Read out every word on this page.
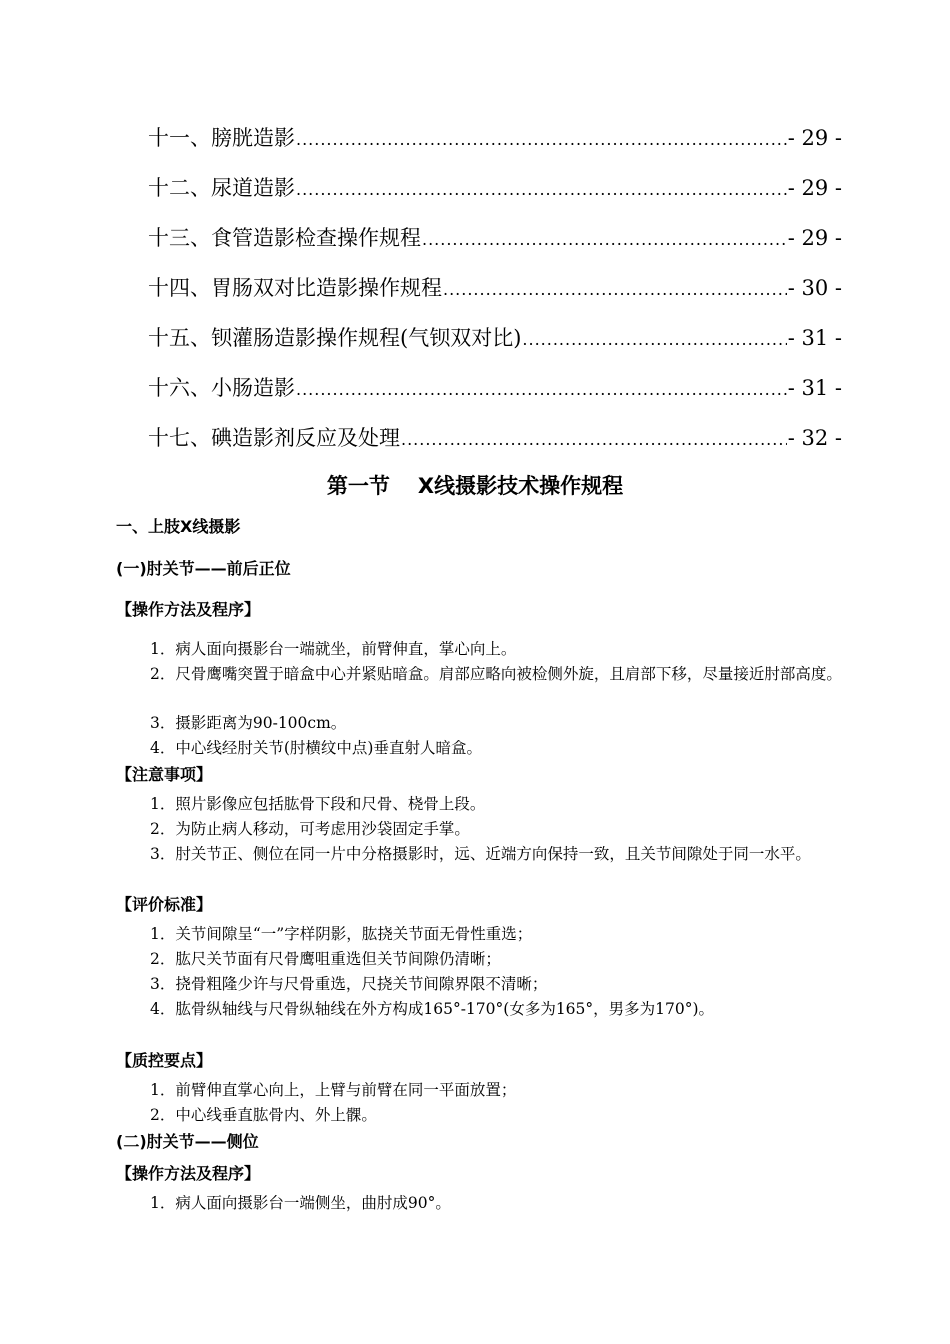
十一、膀胱造影 .....	- 29 -
十二、尿道造影 .....	- 29 -
十三、食管造影检查操作规程 .....	- 29 -
十四、胃肠双对比造影操作规程 .....	- 30 -
十五、钡灌肠造影操作规程(气钡双对比) .....	- 31 -
十六、小肠造影 .....	- 31 -
十七、碘造影剂反应及处理 .....	- 32 -
第一节 X线摄影技术操作规程
一、上肢X线摄影
(一)肘关节——前后正位
【操作方法及程序】
1．病人面向摄影台一端就坐，前臂伸直，掌心向上。
2．尺骨鹰嘴突置于暗盒中心并紧贴暗盒。肩部应略向被检侧外旋，且肩部下移，尽量接近肘部高度。
3．摄影距离为90-100cm。
4．中心线经肘关节(肘横纹中点)垂直射人暗盒。
【注意事项】
1．照片影像应包括肱骨下段和尺骨、桡骨上段。
2．为防止病人移动，可考虑用沙袋固定手掌。
3．肘关节正、侧位在同一片中分格摄影时，远、近端方向保持一致，且关节间隙处于同一水平。
【评价标准】
1．关节间隙呈“一”字样阴影，肱挠关节面无骨性重选；
2．肱尺关节面有尺骨鹰咀重选但关节间隙仍清晰；
3．挠骨粗隆少许与尺骨重选，尺挠关节间隙界限不清晰；
4．肱骨纵轴线与尺骨纵轴线在外方构成165°-170°(女多为165°，男多为170°)。
【质控要点】
1．前臂伸直掌心向上，上臂与前臂在同一平面放置；
2．中心线垂直肱骨内、外上髁。
(二)肘关节——侧位
【操作方法及程序】
1．病人面向摄影台一端侧坐，曲肘成90°。
